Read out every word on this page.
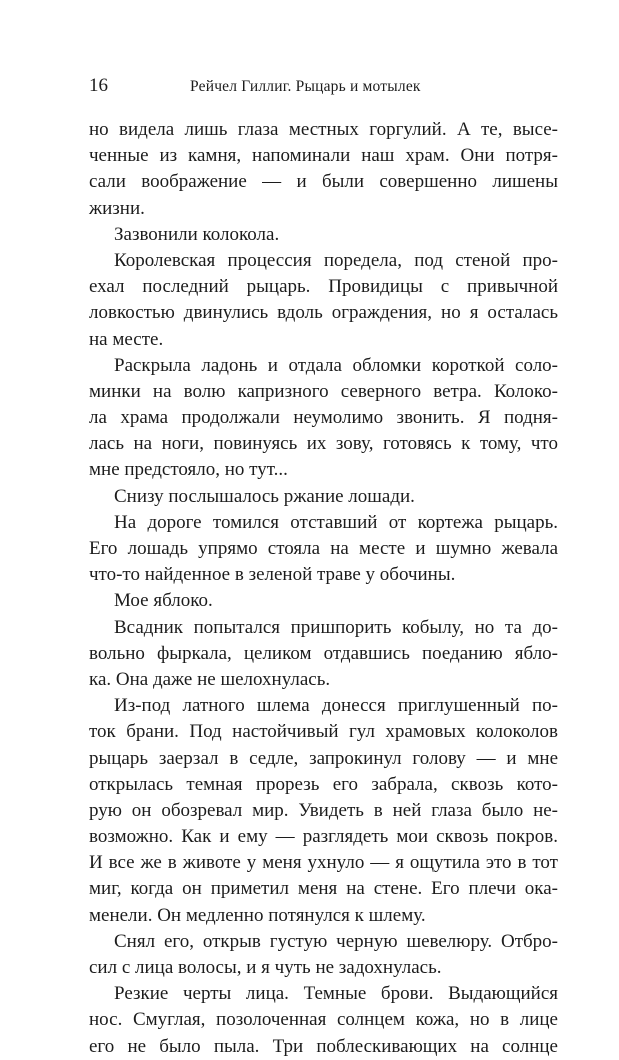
16	Рейчел Гиллиг. Рыцарь и мотылек
но видела лишь глаза местных горгулий. А те, высе-
ченные из камня, напоминали наш храм. Они потря-
сали воображение — и были совершенно лишены
жизни.
Зазвонили колокола.
Королевская процессия поредела, под стеной про-
ехал последний рыцарь. Провидицы с привычной
ловкостью двинулись вдоль ограждения, но я осталась
на месте.
Раскрыла ладонь и отдала обломки короткой соло-
минки на волю капризного северного ветра. Колоко-
ла храма продолжали неумолимо звонить. Я подня-
лась на ноги, повинуясь их зову, готовясь к тому, что
мне предстояло, но тут...
Снизу послышалось ржание лошади.
На дороге томился отставший от кортежа рыцарь.
Его лошадь упрямо стояла на месте и шумно жевала
что-то найденное в зеленой траве у обочины.
Мое яблоко.
Всадник попытался пришпорить кобылу, но та до-
вольно фыркала, целиком отдавшись поеданию ябло-
ка. Она даже не шелохнулась.
Из-под латного шлема донесся приглушенный по-
ток брани. Под настойчивый гул храмовых колоколов
рыцарь заерзал в седле, запрокинул голову — и мне
открылась темная прорезь его забрала, сквозь кото-
рую он обозревал мир. Увидеть в ней глаза было не-
возможно. Как и ему — разглядеть мои сквозь покров.
И все же в животе у меня ухнуло — я ощутила это в тот
миг, когда он приметил меня на стене. Его плечи ока-
менели. Он медленно потянулся к шлему.
Снял его, открыв густую черную шевелюру. Отбро-
сил с лица волосы, и я чуть не задохнулась.
Резкие черты лица. Темные брови. Выдающийся
нос. Смуглая, позолоченная солнцем кожа, но в лице
его не было пыла. Три поблескивающих на солнце
